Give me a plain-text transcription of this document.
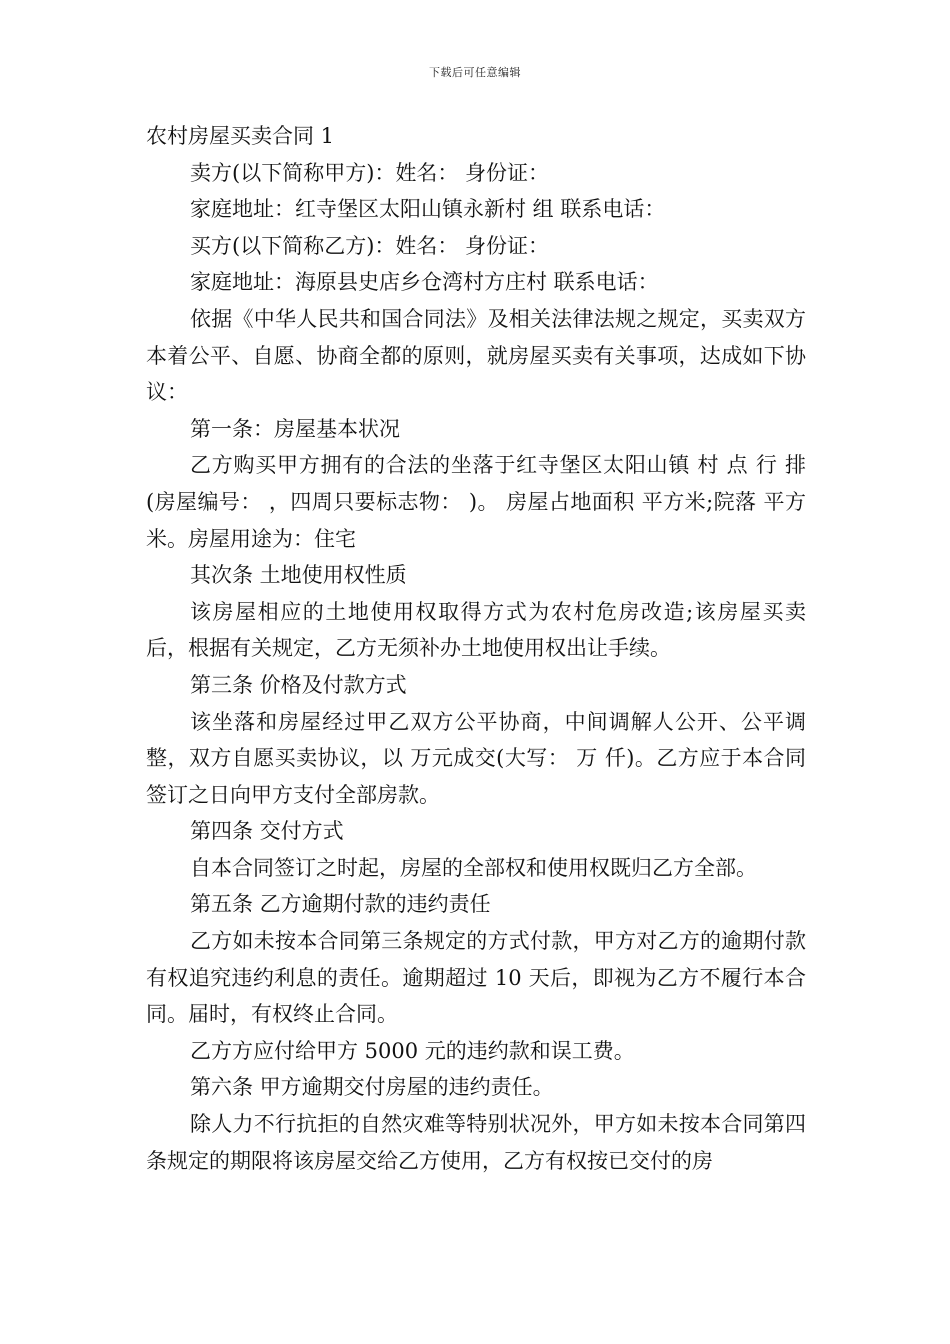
下载后可任意编辑

农村房屋买卖合同 1

卖方(以下简称甲方)：姓名： 身份证：

家庭地址：红寺堡区太阳山镇永新村 组 联系电话：

买方(以下简称乙方)：姓名： 身份证：

家庭地址：海原县史店乡仓湾村方庄村 联系电话：

依据《中华人民共和国合同法》及相关法律法规之规定，买卖双方本着公平、自愿、协商全都的原则，就房屋买卖有关事项，达成如下协议：

第一条：房屋基本状况

乙方购买甲方拥有的合法的坐落于红寺堡区太阳山镇 村 点 行 排 (房屋编号： ，四周只要标志物： )。 房屋占地面积 平方米;院落 平方米。房屋用途为：住宅

其次条 土地使用权性质

该房屋相应的土地使用权取得方式为农村危房改造;该房屋买卖后，根据有关规定，乙方无须补办土地使用权出让手续。

第三条 价格及付款方式

该坐落和房屋经过甲乙双方公平协商，中间调解人公开、公平调整，双方自愿买卖协议，以 万元成交(大写： 万 仟)。乙方应于本合同签订之日向甲方支付全部房款。

第四条 交付方式

自本合同签订之时起，房屋的全部权和使用权既归乙方全部。

第五条 乙方逾期付款的违约责任

乙方如未按本合同第三条规定的方式付款，甲方对乙方的逾期付款有权追究违约利息的责任。逾期超过 10 天后，即视为乙方不履行本合同。届时，有权终止合同。

乙方方应付给甲方 5000 元的违约款和误工费。

第六条 甲方逾期交付房屋的违约责任。

除人力不行抗拒的自然灾难等特别状况外，甲方如未按本合同第四条规定的期限将该房屋交给乙方使用，乙方有权按已交付的房
